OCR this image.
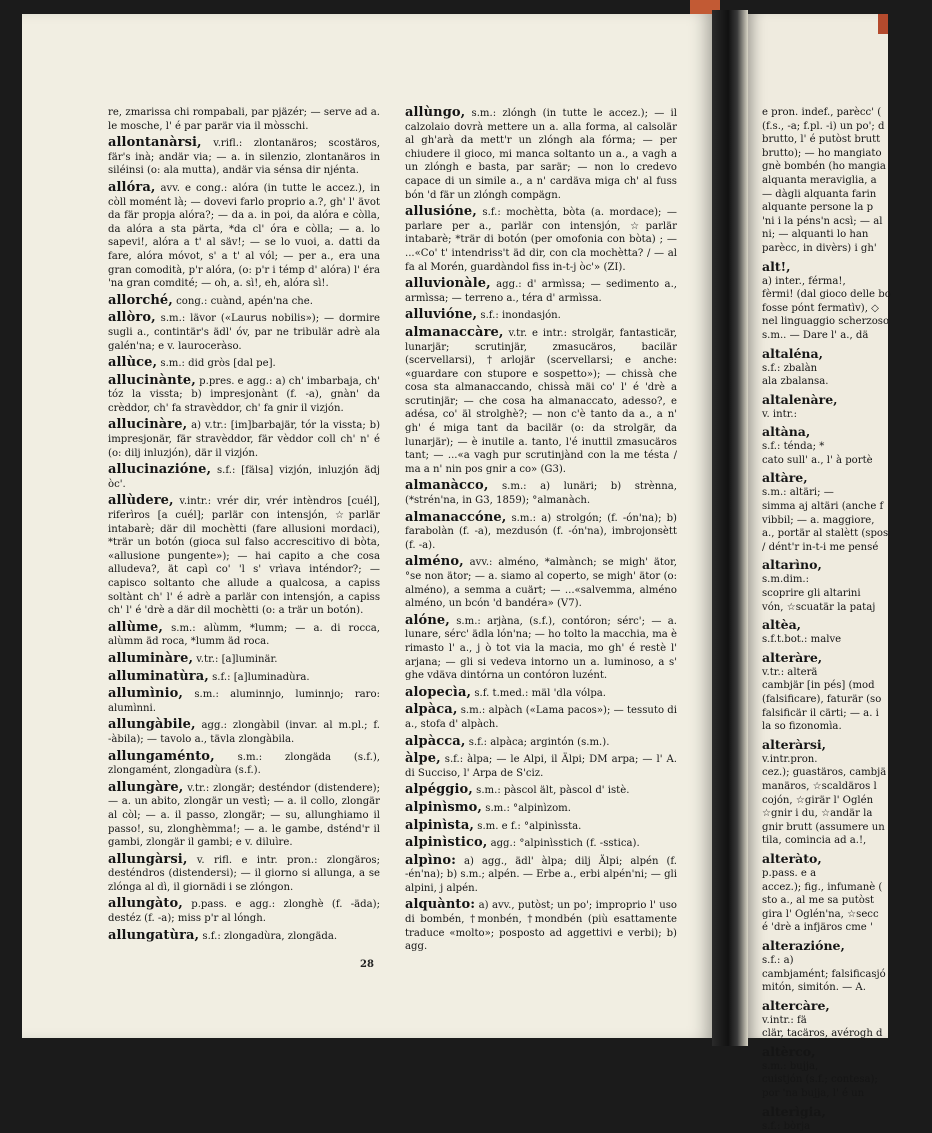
re, zmarissa chi rompabali, par pjäzér; — serve ad a. le mosche, l' é par parär via il mòsschi.

allontanàrsi, v.rifl.: zlontanäros; scostäros, fär's inà; andär via; — a. in silenzio, zlontanäros in siléinsi (o: ala mutta), andär via sénsa dir njénta.

allóra, avv. e cong.: alóra (in tutte le accez.), in còll momént là; — dovevi farlo proprio a.?, gh' l' ävot da fär propja alóra?; — da a. in poi, da alóra e còlla, da alóra a sta pärta, *da cl' óra e còlla; — a. lo sapevi!, alóra a t' al säv!; — se lo vuoi, a. datti da fare, alóra móvot, s' a t' al vól; — per a., era una gran comodità, p'r alóra, (o: p'r i témp d' alóra) l' éra 'na gran comdité; — oh, a. sì!, eh, alóra sì!.

allorché, cong.: cuànd, apén'na che.

allòro, s.m.: lävor («Laurus nobilis»); — dormire sugli a., contintär's ädl' óv, par ne tribulär adrè ala galén'na; e v. lauroceràso.

allùce, s.m.: did gròs [dal pe].

allucinànte, p.pres. e agg.: a) ch' imbarbaja, ch' tóz la vissta; b) impresjonànt (f. -a), gnàn' da crèddor, ch' fa stravèddor, ch' fa gnir il vizjón.

allucinàre, a) v.tr.: [im]barbajär, tór la vissta; b) impresjonär, fär stravèddor, fär vèddor coll ch' n' é (o: dilj inluzjón), där il vizjón.

allucinazióne, s.f.: [fälsa] vizjón, inluzjón ädj òc'.

allùdere, v.intr.: vrér dir, vrér intèndros [cuél], riferìros [a cuél]; parlär con intensjón, ☆parlär intabarè; där dil mochètti (fare allusioni mordaci), *trär un botón (gioca sul falso accrescitivo di bòta, «allusione pungente»); — hai capito a che cosa alludeva?, ät capì co' 'l s' vrìava inténdor?; — capisco soltanto che allude a qualcosa, a capiss soltànt ch' l' é adrè a parlär con intensjón, a capiss ch' l' é 'drè a där dil mochètti (o: a trär un botón).

allùme, s.m.: alùmm, *lumm; — a. di rocca, alùmm äd roca, *lumm äd roca.

alluminàre, v.tr.: [a]luminär.

alluminatùra, s.f.: [a]luminadùra.

allumìnio, s.m.: aluminnjo, luminnjo; raro: alumìnni.

allungàbile, agg.: zlongàbil (invar. al m.pl.; f. -àbila); — tavolo a., tävla zlongàbila.

allungaménto, s.m.: zlongäda (s.f.), zlongamént, zlongadùra (s.f.).

allungàre, v.tr.: zlongär; desténdor (distendere); — a. un abito, zlongär un vestì; — a. il collo, zlongär al còl; — a. il passo, zlongär; — su, allunghiamo il passo!, su, zlonghèmma!; — a. le gambe, dsténd'r il gambi, zlongär il gambi; e v. diluìre.

allungàrsi, v. rifl. e intr. pron.: zlongäros; desténdros (distendersi); — il giorno si allunga, a se zlónga al dì, il giornädi i se zlóngon.

allungàto, p.pass. e agg.: zlonghè (f. -äda); destéz (f. -a); miss p'r al lóngh.

allungatùra, s.f.: zlongadùra, zlongäda.

allùngo, s.m.: zlóngh (in tutte le accez.); — il calzolaio dovrà mettere un a. alla forma, al calsolär al gh'arà da mett'r un zlóngh ala fórma; — per chiudere il gioco, mi manca soltanto un a., a vagh a un zlóngh e basta, par sarär; — non lo credevo capace di un simile a., a n' cardäva miga ch' al fuss bón 'd fär un zlóngh compägn.

allusióne, s.f.: mochètta, bòta (a. mordace); — parlare per a., parlär con intensjón, ☆parlär intabarè; *trär di botón (per omofonia con bòta) ; — ...«Co' t' intendriss't äd dir, con cla mochètta? / — al fa al Morén, guardàndol fiss in-t-j òc'» (ZI).

alluvionàle, agg.: d' armìssa; — sedimento a., armìssa; — terreno a., téra d' armìssa.

alluvióne, s.f.: inondasjón.

almanaccàre, v.tr. e intr.: strolgär, fantasticär, lunarjär; scrutinjär, zmasucäros, bacilär (scervellarsi), †arlojär (scervellarsi; e anche: «guardare con stupore e sospetto»); — chissà che cosa sta almanaccando, chissà mäi co' l' é 'drè a scrutinjär; — che cosa ha almanaccato, adesso?, e adésa, co' äl strolghè?; — non c'è tanto da a., a n' gh' é miga tant da bacilär (o: da strolgär, da lunarjär); — è inutile a. tanto, l'é inuttil zmasucäros tant; — ...«a vagh pur scrutinjànd con la me tésta / ma a n' nin pos gnir a co» (G3).

almanàcco, s.m.: a) lunäri; b) strènna,(*strén'na, in G3, 1859); °almanàch.

almanaccóne, s.m.: a) strolgón; (f. -ón'na); b) farabolàn (f. -a), mezdusón (f. -ón'na), imbrojonsètt (f. -a).

alméno, avv.: alméno, *almànch; se migh' ätor, °se non ätor; — a. siamo al coperto, se migh' ätor (o: alméno), a semma a cuärt; — ...«salvemma, alméno alméno, un bcón 'd bandéra» (V7).

alóne, s.m.: arjàna, (s.f.), contóron; sérc'; — a. lunare, sérc' ädla lón'na; — ho tolto la macchia, ma è rimasto l' a., j ò tot via la macia, mo gh' é restè l' arjana; — gli si vedeva intorno un a. luminoso, a s' ghe vdäva dintórna un contóron luzént.

alopecìa, s.f. t.med.: mäl 'dla vólpa.

alpàca, s.m.: alpàch («Lama pacos»); — tessuto di a., stofa d' alpàch.

alpàcca, s.f.: alpàca; argintón (s.m.).

àlpe, s.f.: àlpa; — le Alpi, il Älpi; DM arpa; — l' A. di Succiso, l' Arpa de S'ciz.

alpéggio, s.m.: pàscol ält, pàscol d' istè.

alpinìsmo, s.m.: °alpinìzom.

alpinìsta, s.m. e f.: °alpinìssta.

alpinìstico, agg.: °alpinìsstich (f. -sstica).

alpìno: a) agg., ädl' àlpa; dilj Älpi; alpén (f. -én'na); b) s.m.; alpén. — Erbe a., erbi alpén'ni; — gli alpini, j alpén.

alquànto: a) avv., putòst; un po'; improprio l' uso di bombén, †monbén, †mondbén (più esattamente traduce «molto»; posposto ad aggettivi e verbi); b) agg.

28
e pron. indef., parècc' (
(f.s., -a; f.pl. -i) un po'; d
brutto, l' é putòst brutt
brutto); — ho mangiato
gnè bombén (ho mangia
alquanta meraviglia, a
— dàgli alquanta farin
alquante persone la p
'ni i la péns'n acsì; — al
ni; — alquanti lo han
parècc, in divèrs) i gh'
alt!,
a) inter., férma!,
fèrmi! (dal gioco delle bo
fosse pónt fermatìv), ◇
nel linguaggio scherzoso
s.m.. — Dare l' a., dä
altaléna,
s.f.: zbalàn
ala zbalansa.
altalenàre,
v. intr.:
altàna,
s.f.: ténda; *
cato sull' a., l' à portè
altàre,
s.m.: altäri; —
simma aj altäri (anche f
vibbil; — a. maggiore,
a., portär al stalètt (spos
/ dént'r in-t-i me pensé
altarìno,
s.m.dim.:
scoprire gli altarini
vón, ☆scuatär la pataj
altèa,
s.f.t.bot.: malve
alteràre,
v.tr.: alterä
cambjär [in pés] (mod
(falsificare), faturär (so
falsificär il cärti; — a. i
la so fizonomìa.
alteràrsi,
v.intr.pron.
cez.); guastäros, cambjä
manäros, ☆scaldäros l
cojón, ☆girär l' Oglén
☆gnir i du, ☆andär la
gnir brutt (assumere un
tila, comincia ad a.!,
alteràto,
p.pass. e a
accez.); fig., infumanè (
sto a., al me sa putòst
gira l' Oglén'na, ☆secc
é 'drè a infjäros cme '
alterazióne,
s.f.: a)
cambjamént; falsificasjó
mitón, simitón. — A.
altercàre,
v.intr.: fä
clär, tacäros, avérogh d
altèrco,
s.m.: bujja,
cuistjón (s.f.; contesa);
por 'na bujja, l' é un
alterìgia,
s.f.: bòrja
